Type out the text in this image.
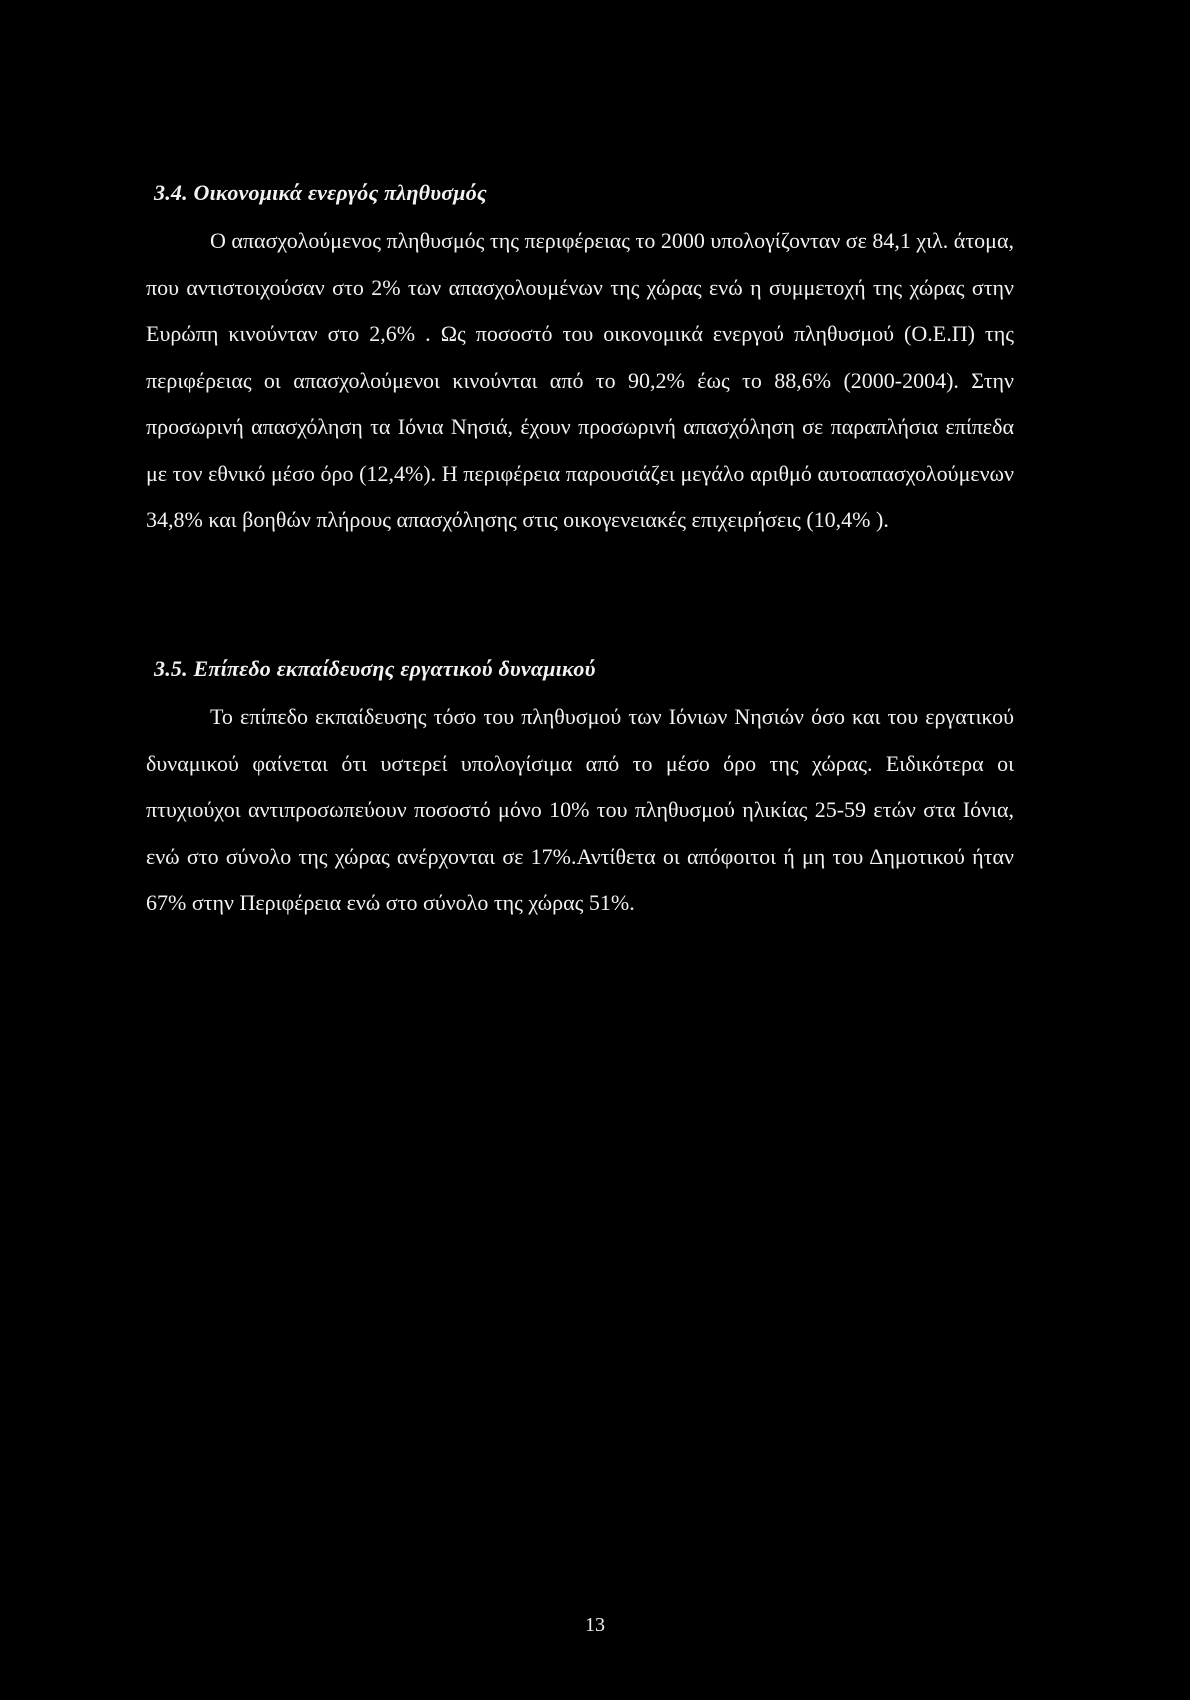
3.4. Οικονομικά ενεργός πληθυσμός

Ο απασχολούμενος πληθυσμός της περιφέρειας το 2000 υπολογίζονταν σε 84,1 χιλ. άτομα, που αντιστοιχούσαν στο 2% των απασχολουμένων της χώρας ενώ η συμμετοχή της χώρας στην Ευρώπη κινούνταν στο 2,6% . Ως ποσοστό του οικονομικά ενεργού πληθυσμού (Ο.Ε.Π) της περιφέρειας οι απασχολούμενοι κινούνται από το 90,2% έως το 88,6% (2000-2004). Στην προσωρινή απασχόληση τα Ιόνια Νησιά, έχουν προσωρινή απασχόληση σε παραπλήσια επίπεδα με τον εθνικό μέσο όρο (12,4%). Η περιφέρεια παρουσιάζει μεγάλο αριθμό αυτοαπασχολούμενων 34,8% και βοηθών πλήρους απασχόλησης στις οικογενειακές επιχειρήσεις (10,4% ).

3.5. Επίπεδο εκπαίδευσης εργατικού δυναμικού

Το επίπεδο εκπαίδευσης τόσο του πληθυσμού των Ιόνιων Νησιών όσο και του εργατικού δυναμικού φαίνεται ότι υστερεί υπολογίσιμα από το μέσο όρο της χώρας. Ειδικότερα οι πτυχιούχοι αντιπροσωπεύουν ποσοστό μόνο 10% του πληθυσμού ηλικίας 25-59 ετών στα Ιόνια, ενώ στο σύνολο της χώρας ανέρχονται σε 17%.Αντίθετα οι απόφοιτοι ή μη του Δημοτικού ήταν 67% στην Περιφέρεια ενώ στο σύνολο της χώρας 51%.

13
